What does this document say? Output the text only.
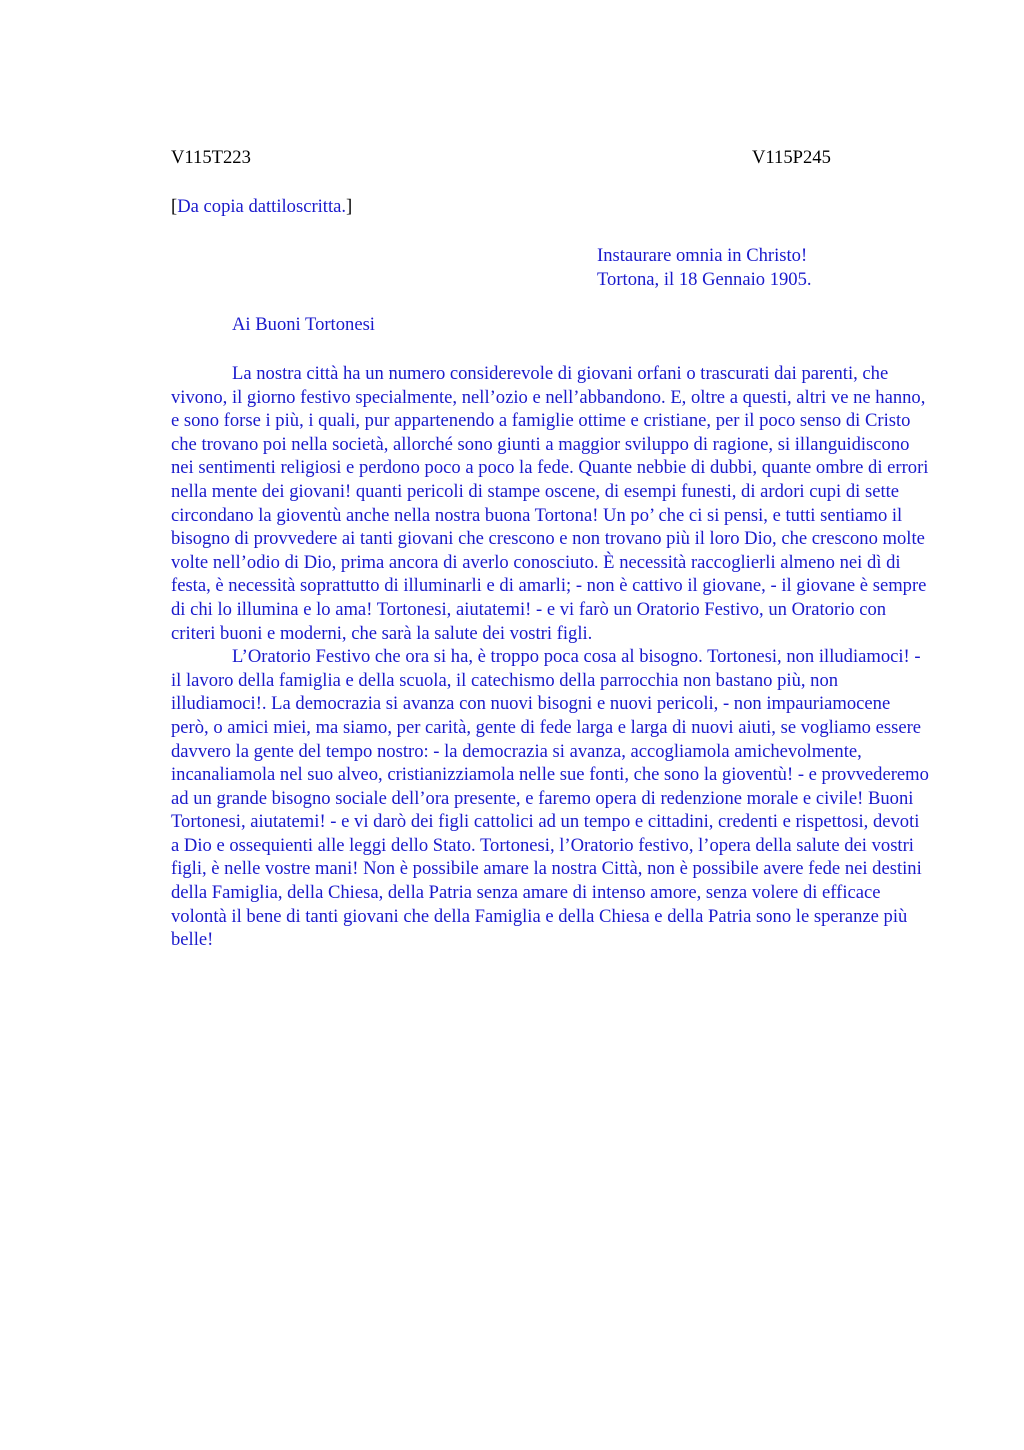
V115T223	V115P245
[Da copia dattiloscritta.]
Instaurare omnia in Christo!
Tortona, il 18 Gennaio 1905.
Ai Buoni Tortonesi

La nostra città ha un numero considerevole di giovani orfani o trascurati dai parenti, che vivono, il giorno festivo specialmente, nell’ozio e nell’abbandono. E, oltre a questi, altri ve ne hanno, e sono forse i più, i quali, pur appartenendo a famiglie ottime e cristiane, per il poco senso di Cristo che trovano poi nella società, allorché sono giunti a maggior sviluppo di ragione, si illanguidiscono nei sentimenti religiosi e perdono poco a poco la fede. Quante nebbie di dubbi, quante ombre di errori nella mente dei giovani! quanti pericoli di stampe oscene, di esempi funesti, di ardori cupi di sette circondano la gioventù anche nella nostra buona Tortona! Un po’ che ci si pensi, e tutti sentiamo il bisogno di provvedere ai tanti giovani che crescono e non trovano più il loro Dio, che crescono molte volte nell’odio di Dio, prima ancora di averlo conosciuto. È necessità raccoglierli almeno nei dì di festa, è necessità soprattutto di illuminarli e di amarli; - non è cattivo il giovane, - il giovane è sempre di chi lo illumina e lo ama! Tortonesi, aiutatemi! - e vi farò un Oratorio Festivo, un Oratorio con criteri buoni e moderni, che sarà la salute dei vostri figli.

L’Oratorio Festivo che ora si ha, è troppo poca cosa al bisogno. Tortonesi, non illudiamoci! - il lavoro della famiglia e della scuola, il catechismo della parrocchia non bastano più, non illudiamoci!. La democrazia si avanza con nuovi bisogni e nuovi pericoli, - non impauriamocene però, o amici miei, ma siamo, per carità, gente di fede larga e larga di nuovi aiuti, se vogliamo essere davvero la gente del tempo nostro: - la democrazia si avanza, accogliamola amichevolmente, incanaliamola nel suo alveo, cristianizziamola nelle sue fonti, che sono la gioventù! - e provvederemo ad un grande bisogno sociale dell’ora presente, e faremo opera di redenzione morale e civile! Buoni Tortonesi, aiutatemi! - e vi darò dei figli cattolici ad un tempo e cittadini, credenti e rispettosi, devoti a Dio e ossequienti alle leggi dello Stato. Tortonesi, l’Oratorio festivo, l’opera della salute dei vostri figli, è nelle vostre mani! Non è possibile amare la nostra Città, non è possibile avere fede nei destini della Famiglia, della Chiesa, della Patria senza amare di intenso amore, senza volere di efficace volontà il bene di tanti giovani che della Famiglia e della Chiesa e della Patria sono le speranze più belle!
